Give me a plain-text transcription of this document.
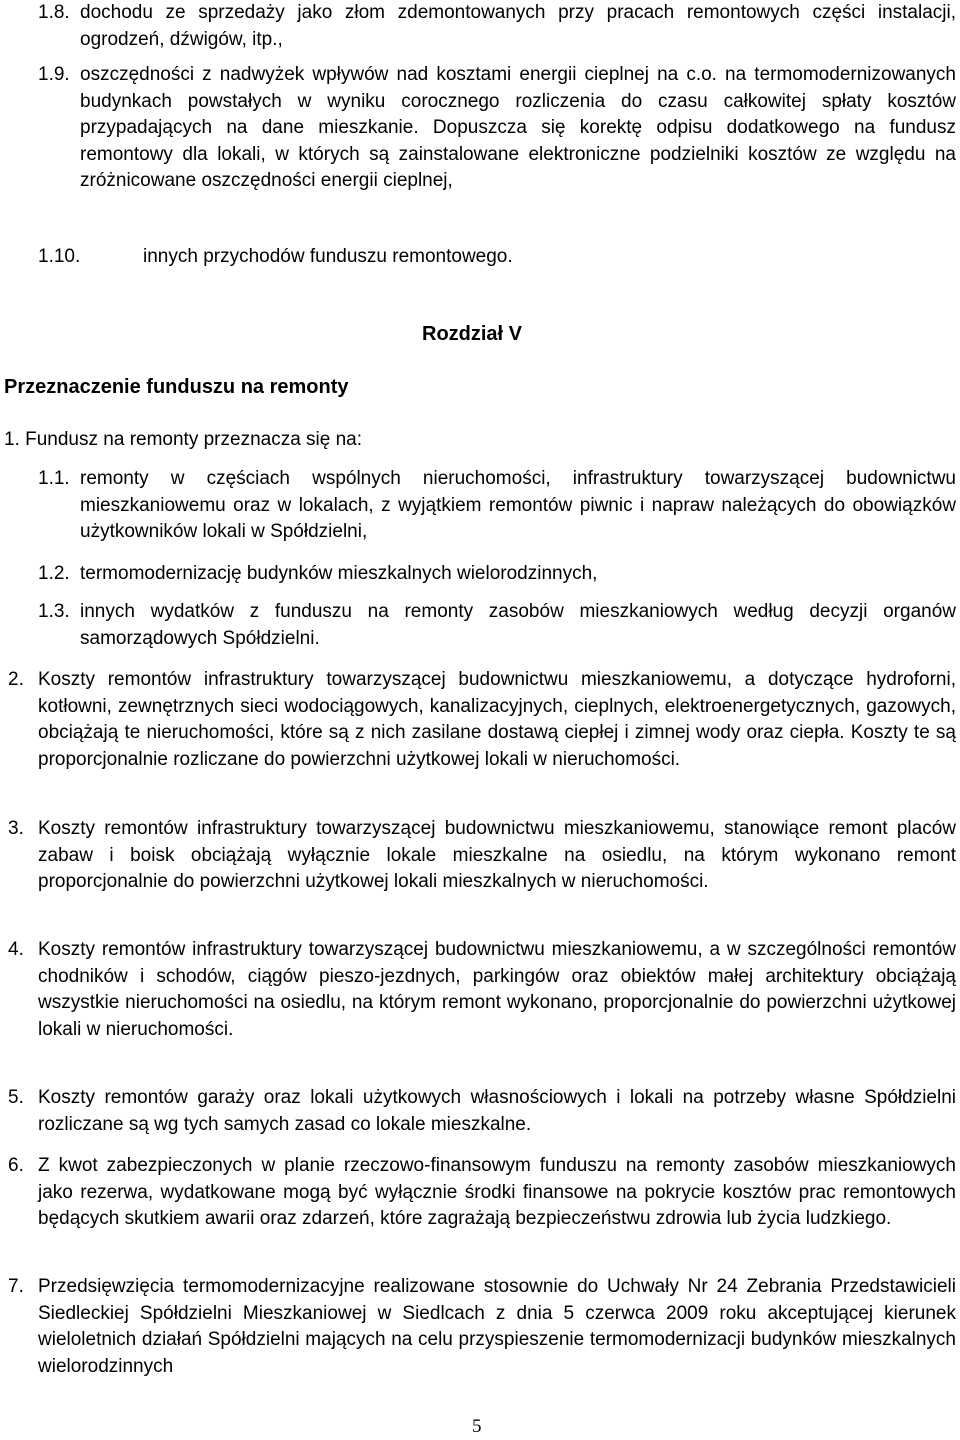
1.8. dochodu ze sprzedaży jako złom zdemontowanych przy pracach remontowych części instalacji, ogrodzeń, dźwigów, itp.,

1.9. oszczędności z nadwyżek wpływów nad kosztami energii cieplnej na c.o. na termomodernizowanych budynkach powstałych w wyniku corocznego rozliczenia do czasu całkowitej spłaty kosztów przypadających na dane mieszkanie. Dopuszcza się korektę odpisu dodatkowego na fundusz remontowy dla lokali, w których są zainstalowane elektroniczne podzielniki kosztów ze względu na zróżnicowane oszczędności energii cieplnej,

1.10.	innych przychodów funduszu remontowego.
Rozdział V
Przeznaczenie funduszu na remonty
1. Fundusz na remonty przeznacza się na:

1.1. remonty w częściach wspólnych nieruchomości, infrastruktury towarzyszącej budownictwu mieszkaniowemu oraz w lokalach, z wyjątkiem remontów piwnic i napraw należących do obowiązków użytkowników lokali w Spółdzielni,

1.2. termomodernizację budynków mieszkalnych wielorodzinnych,

1.3. innych wydatków z funduszu na remonty zasobów mieszkaniowych według decyzji organów samorządowych Spółdzielni.

2. Koszty remontów infrastruktury towarzyszącej budownictwu mieszkaniowemu, a dotyczące hydroforni, kotłowni, zewnętrznych sieci wodociągowych, kanalizacyjnych, cieplnych, elektroenergetycznych, gazowych, obciążają te nieruchomości, które są z nich zasilane dostawą ciepłej i zimnej wody oraz ciepła. Koszty te są proporcjonalnie rozliczane do powierzchni użytkowej lokali w nieruchomości.

3. Koszty remontów infrastruktury towarzyszącej budownictwu mieszkaniowemu, stanowiące remont placów zabaw i boisk obciążają wyłącznie lokale mieszkalne na osiedlu, na którym wykonano remont proporcjonalnie do powierzchni użytkowej lokali mieszkalnych w nieruchomości.

4. Koszty remontów infrastruktury towarzyszącej budownictwu mieszkaniowemu, a w szczególności remontów chodników i schodów, ciągów pieszo-jezdnych, parkingów oraz obiektów małej architektury obciążają wszystkie nieruchomości na osiedlu, na którym remont wykonano, proporcjonalnie do powierzchni użytkowej lokali w nieruchomości.

5. Koszty remontów garaży oraz lokali użytkowych własnościowych i lokali na potrzeby własne Spółdzielni rozliczane są wg tych samych zasad co lokale mieszkalne.

6. Z kwot zabezpieczonych w planie rzeczowo-finansowym funduszu na remonty zasobów mieszkaniowych jako rezerwa, wydatkowane mogą być wyłącznie środki finansowe na pokrycie kosztów prac remontowych będących skutkiem awarii oraz zdarzeń, które zagrażają bezpieczeństwu zdrowia lub życia ludzkiego.

7. Przedsięwzięcia termomodernizacyjne realizowane stosownie do Uchwały Nr 24 Zebrania Przedstawicieli Siedleckiej Spółdzielni Mieszkaniowej w Siedlcach z dnia 5 czerwca 2009 roku akceptującej kierunek wieloletnich działań Spółdzielni mających na celu przyspieszenie termomodernizacji budynków mieszkalnych wielorodzinnych

5
